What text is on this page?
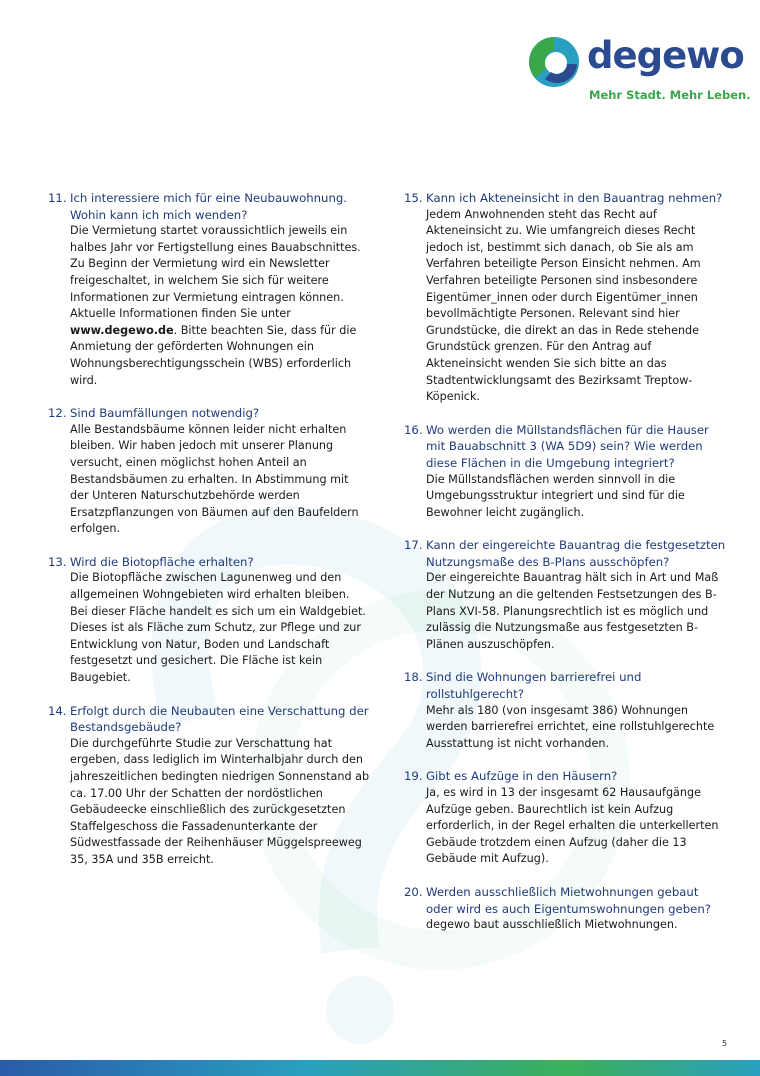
degewo
Mehr Stadt. Mehr Leben.
11. Ich interessiere mich für eine Neubauwohnung. Wohin kann ich mich wenden?
Die Vermietung startet voraussichtlich jeweils ein halbes Jahr vor Fertigstellung eines Bauabschnittes. Zu Beginn der Vermietung wird ein Newsletter freigeschaltet, in welchem Sie sich für weitere Informationen zur Vermietung eintragen können. Aktuelle Informationen finden Sie unter www.degewo.de. Bitte beachten Sie, dass für die Anmietung der geförderten Wohnungen ein Wohnungsberechtigungsschein (WBS) erforderlich wird.
12. Sind Baumfällungen notwendig?
Alle Bestandsbäume können leider nicht erhalten bleiben. Wir haben jedoch mit unserer Planung versucht, einen möglichst hohen Anteil an Bestandsbäumen zu erhalten. In Abstimmung mit der Unteren Naturschutzbehörde werden Ersatzpflanzungen von Bäumen auf den Baufeldern erfolgen.
13. Wird die Biotopfläche erhalten?
Die Biotopfläche zwischen Lagunenweg und den allgemeinen Wohngebieten wird erhalten bleiben. Bei dieser Fläche handelt es sich um ein Waldgebiet. Dieses ist als Fläche zum Schutz, zur Pflege und zur Entwicklung von Natur, Boden und Landschaft festgesetzt und gesichert. Die Fläche ist kein Baugebiet.
14. Erfolgt durch die Neubauten eine Verschattung der Bestandsgebäude?
Die durchgeführte Studie zur Verschattung hat ergeben, dass lediglich im Winterhalbjahr durch den jahreszeitlichen bedingten niedrigen Sonnenstand ab ca. 17.00 Uhr der Schatten der nordöstlichen Gebäudeecke einschließlich des zurückgesetzten Staffelgeschoss die Fassadenunterkante der Südwestfassade der Reihenhäuser Müggelspreeweg 35, 35A und 35B erreicht.
15. Kann ich Akteneinsicht in den Bauantrag nehmen?
Jedem Anwohnenden steht das Recht auf Akteneinsicht zu. Wie umfangreich dieses Recht jedoch ist, bestimmt sich danach, ob Sie als am Verfahren beteiligte Person Einsicht nehmen. Am Verfahren beteiligte Personen sind insbesondere Eigentümer_innen oder durch Eigentümer_innen bevollmächtigte Personen. Relevant sind hier Grundstücke, die direkt an das in Rede stehende Grundstück grenzen. Für den Antrag auf Akteneinsicht wenden Sie sich bitte an das Stadtentwicklungsamt des Bezirksamt Treptow-Köpenick.
16. Wo werden die Müllstandsflächen für die Hauser mit Bauabschnitt 3 (WA 5D9) sein? Wie werden diese Flächen in die Umgebung integriert?
Die Müllstandsflächen werden sinnvoll in die Umgebungsstruktur integriert und sind für die Bewohner leicht zugänglich.
17. Kann der eingereichte Bauantrag die festgesetzten Nutzungsmaße des B-Plans ausschöpfen?
Der eingereichte Bauantrag hält sich in Art und Maß der Nutzung an die geltenden Festsetzungen des B-Plans XVI-58. Planungsrechtlich ist es möglich und zulässig die Nutzungsmaße aus festgesetzten B-Plänen auszuschöpfen.
18. Sind die Wohnungen barrierefrei und rollstuhlgerecht?
Mehr als 180 (von insgesamt 386) Wohnungen werden barrierefrei errichtet, eine rollstuhlgerechte Ausstattung ist nicht vorhanden.
19. Gibt es Aufzüge in den Häusern?
Ja, es wird in 13 der insgesamt 62 Hausaufgänge Aufzüge geben. Baurechtlich ist kein Aufzug erforderlich, in der Regel erhalten die unterkellerten Gebäude trotzdem einen Aufzug (daher die 13 Gebäude mit Aufzug).
20. Werden ausschließlich Mietwohnungen gebaut oder wird es auch Eigentumswohnungen geben?
degewo baut ausschließlich Mietwohnungen.
5
